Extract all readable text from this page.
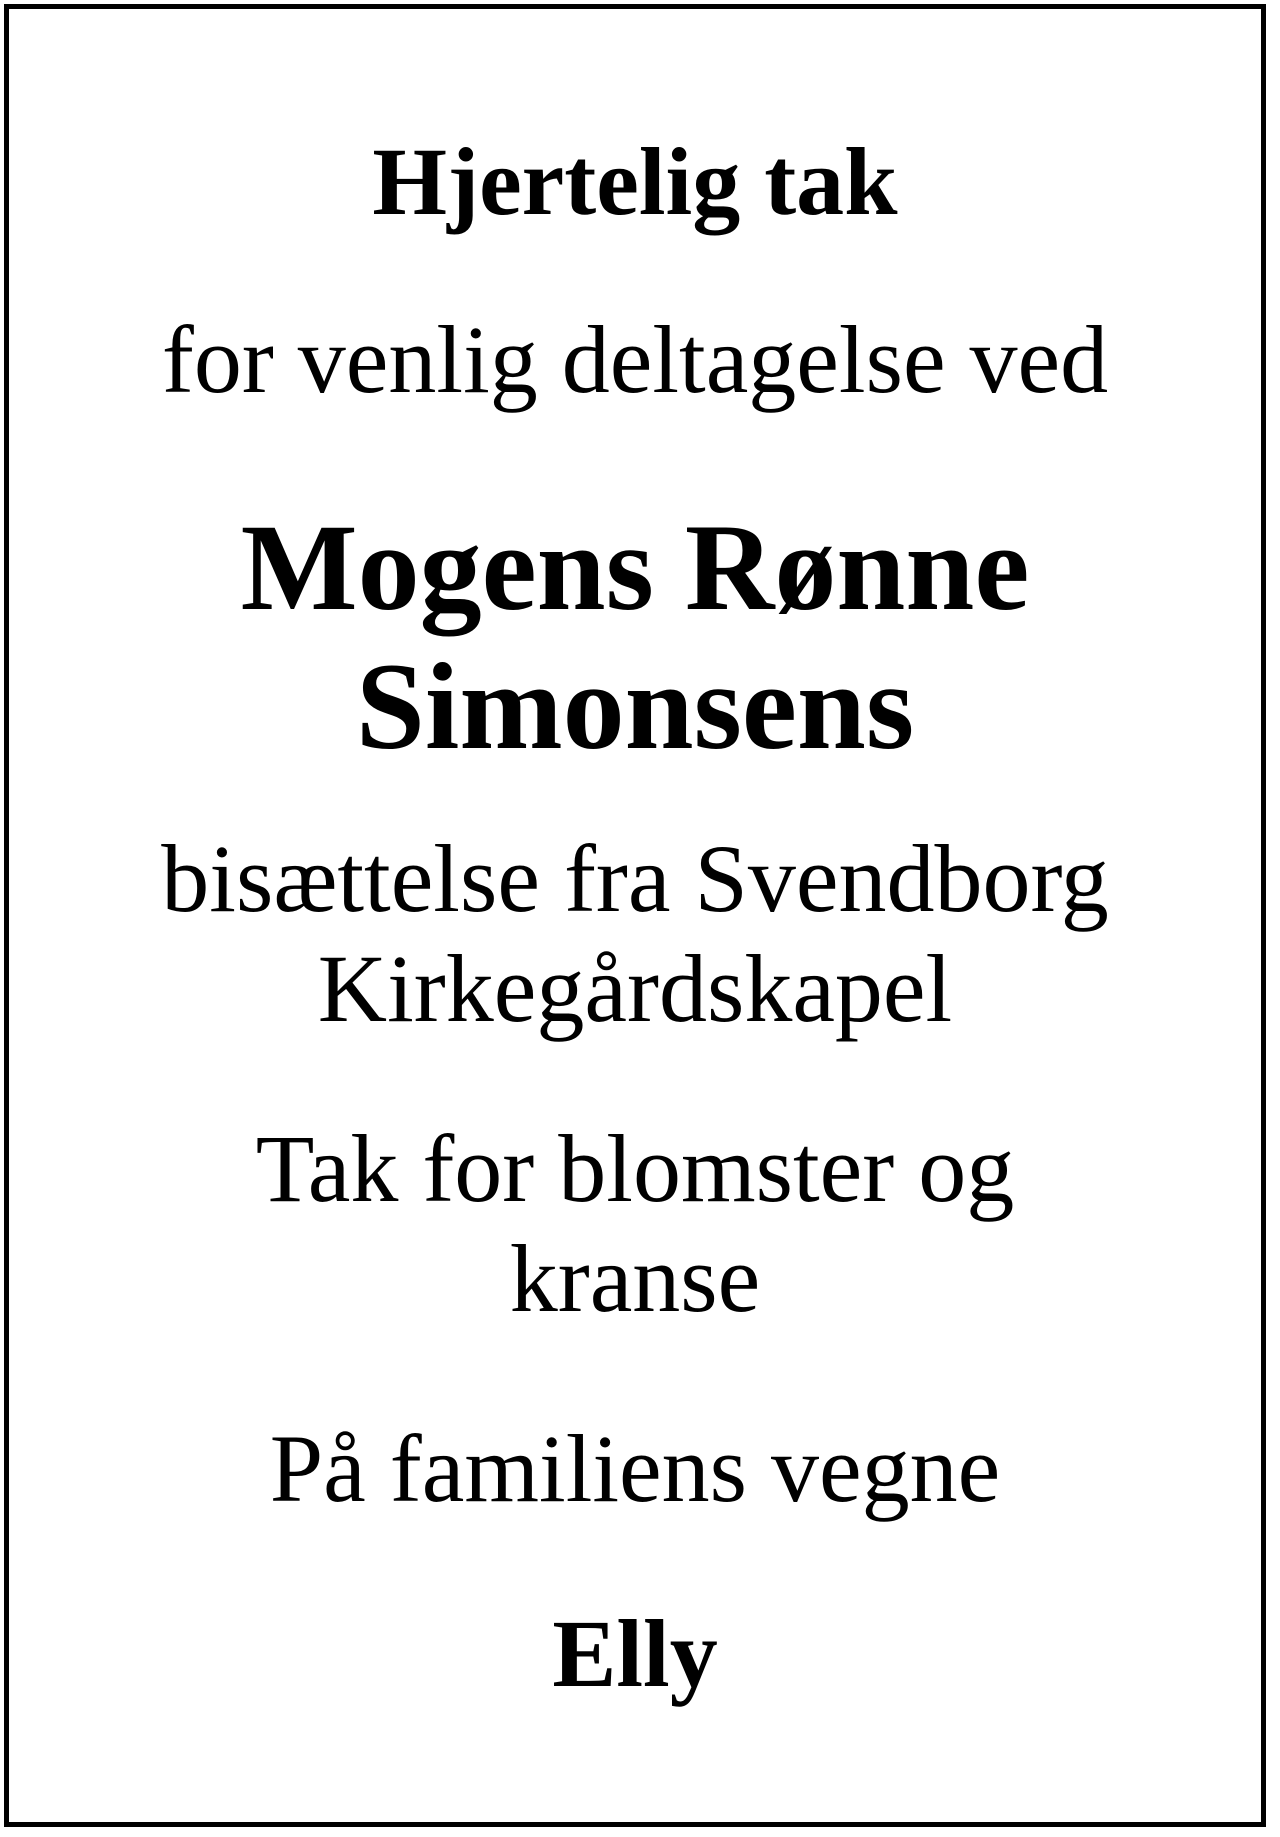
Hjertelig tak
for venlig deltagelse ved
Mogens Rønne
Simonsens
bisættelse fra Svendborg
Kirkegårdskapel
Tak for blomster og
kranse
På familiens vegne
Elly
